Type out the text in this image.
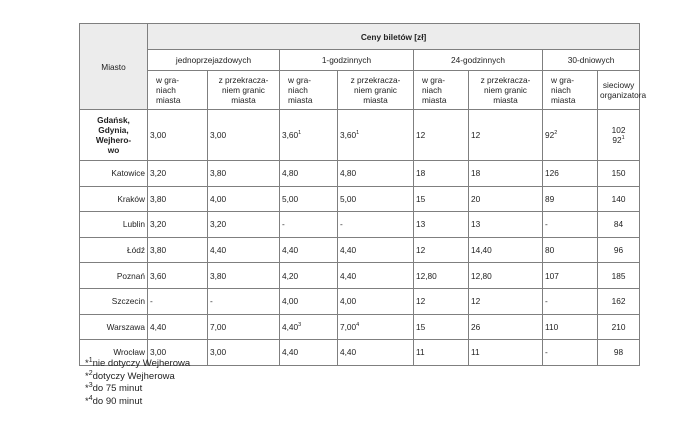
Miasto	Ceny biletów [zł]							
	jednoprzejazdowych		1-godzinnych		24-godzinnych		30-dniowych	
	w gra-
niach
miasta	z przekracza-
niem granic
miasta	w gra-
niach
miasta	z przekracza-
niem granic
miasta	w gra-
niach
miasta	z przekracza-
niem granic
miasta	w gra-
niach
miasta	sieciowy
organizatora
Gdańsk,
Gdynia,
Wejhero-
wo	3,00	3,00	3,60$^1$	3,60$^1$	12	12	$92^2$	102
$92^1$
Katowice	3,20	3,80	4,80	4,80	18	18	126	150
Kraków	3,80	4,00	5,00	5,00	15	20	89	140
Lublin	3,20	3,20	-	-	13	13	-	84
Łódź	3,80	4,40	4,40	4,40	12	14,40	80	96
Poznań	3,60	3,80	4,20	4,40	12,80	12,80	107	185
Szczecin	-	-	4,00	4,00	12	12	-	162
Warszawa	4,40	7,00	4,40$^3$	7,00$^4$	15	26	110	210
Wrocław	3,00	3,00	4,40	4,40	11	11	-	98
*$^1$nie dotyczy Wejherowa
*$^2$dotyczy Wejherowa
*$^3$do 75 minut
*$^4$do 90 minut
